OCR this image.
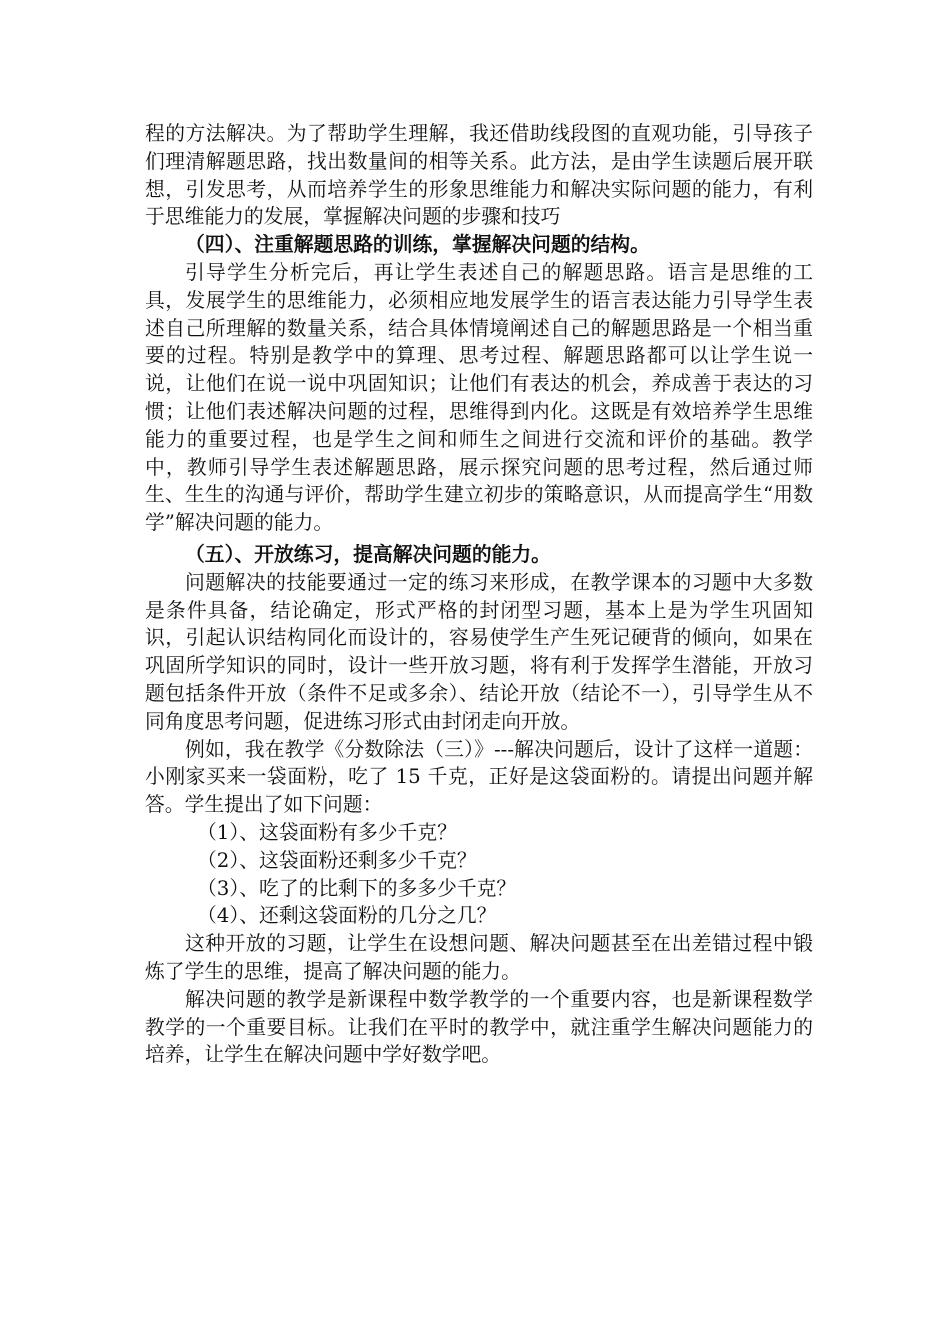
程的方法解决。为了帮助学生理解，我还借助线段图的直观功能，引导孩子们理清解题思路，找出数量间的相等关系。此方法，是由学生读题后展开联想，引发思考，从而培养学生的形象思维能力和解决实际问题的能力，有利于思维能力的发展，掌握解决问题的步骤和技巧

（四）、注重解题思路的训练，掌握解决问题的结构。

引导学生分析完后，再让学生表述自己的解题思路。语言是思维的工具，发展学生的思维能力，必须相应地发展学生的语言表达能力引导学生表述自己所理解的数量关系，结合具体情境阐述自己的解题思路是一个相当重要的过程。特别是教学中的算理、思考过程、解题思路都可以让学生说一说，让他们在说一说中巩固知识；让他们有表达的机会，养成善于表达的习惯；让他们表述解决问题的过程，思维得到内化。这既是有效培养学生思维能力的重要过程，也是学生之间和师生之间进行交流和评价的基础。教学中，教师引导学生表述解题思路，展示探究问题的思考过程，然后通过师生、生生的沟通与评价，帮助学生建立初步的策略意识，从而提高学生“用数学”解决问题的能力。

（五）、开放练习，提高解决问题的能力。

问题解决的技能要通过一定的练习来形成，在教学课本的习题中大多数是条件具备，结论确定，形式严格的封闭型习题，基本上是为学生巩固知识，引起认识结构同化而设计的，容易使学生产生死记硬背的倾向，如果在巩固所学知识的同时，设计一些开放习题，将有利于发挥学生潜能，开放习题包括条件开放（条件不足或多余）、结论开放（结论不一），引导学生从不同角度思考问题，促进练习形式由封闭走向开放。

例如，我在教学《分数除法（三）》---解决问题后，设计了这样一道题：小刚家买来一袋面粉，吃了 15 千克，正好是这袋面粉的。请提出问题并解答。学生提出了如下问题：

（1）、这袋面粉有多少千克？

（2）、这袋面粉还剩多少千克？

（3）、吃了的比剩下的多多少千克？

（4）、还剩这袋面粉的几分之几？

这种开放的习题，让学生在设想问题、解决问题甚至在出差错过程中锻炼了学生的思维，提高了解决问题的能力。

解决问题的教学是新课程中数学教学的一个重要内容，也是新课程数学教学的一个重要目标。让我们在平时的教学中，就注重学生解决问题能力的培养，让学生在解决问题中学好数学吧。
